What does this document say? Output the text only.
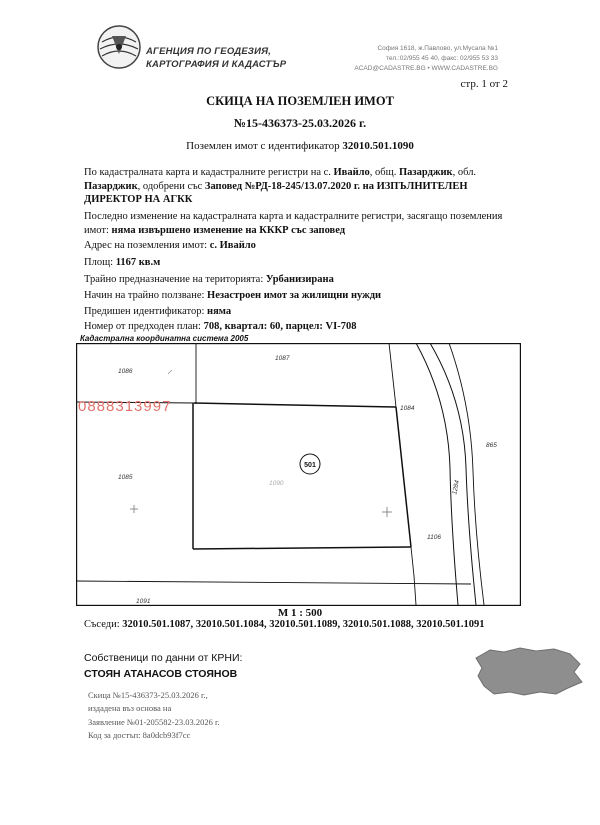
АГЕНЦИЯ ПО ГЕОДЕЗИЯ,
КАРТОГРАФИЯ И КАДАСТЪР
София 1618, ж.Павлово, ул.Мусала №1
тел.:02/955 45 40, факс: 02/955 53 33
ACAD@CADASTRE.BG • WWW.CADASTRE.BG
стр. 1 от 2
СКИЦА НА ПОЗЕМЛЕН ИМОТ
№15-436373-25.03.2026 г.
Поземлен имот с идентификатор 32010.501.1090
По кадастралната карта и кадастралните регистри на с. Ивайло, общ. Пазарджик, обл. Пазарджик, одобрени със Заповед №РД-18-245/13.07.2020 г. на ИЗПЪЛНИТЕЛЕН ДИРЕКТОР НА АГКК
Последно изменение на кадастралната карта и кадастралните регистри, засягащо поземления имот: няма извършено изменение на КККР със заповед
Адрес на поземления имот: с. Ивайло
Площ: 1167 кв.м
Трайно предназначение на територията: Урбанизирана
Начин на трайно ползване: Незастроен имот за жилищни нужди
Предишен идентификатор: няма
Номер от предходен план: 708, квартал: 60, парцел: VI-708
Кадастрална координатна система 2005
1086
1087
1084
865
1085
1090	1284
1106
1091
501
0888313997
М 1 : 500
Съседи: 32010.501.1087, 32010.501.1084, 32010.501.1089, 32010.501.1088, 32010.501.1091
Собственици по данни от КРНИ:
СТОЯН АТАНАСОВ СТОЯНОВ
Скица №15-436373-25.03.2026 г.,
издадена въз основа на
Заявление №01-205582-23.03.2026 г.
Код за достъп: 8a0dcb93f7cc
